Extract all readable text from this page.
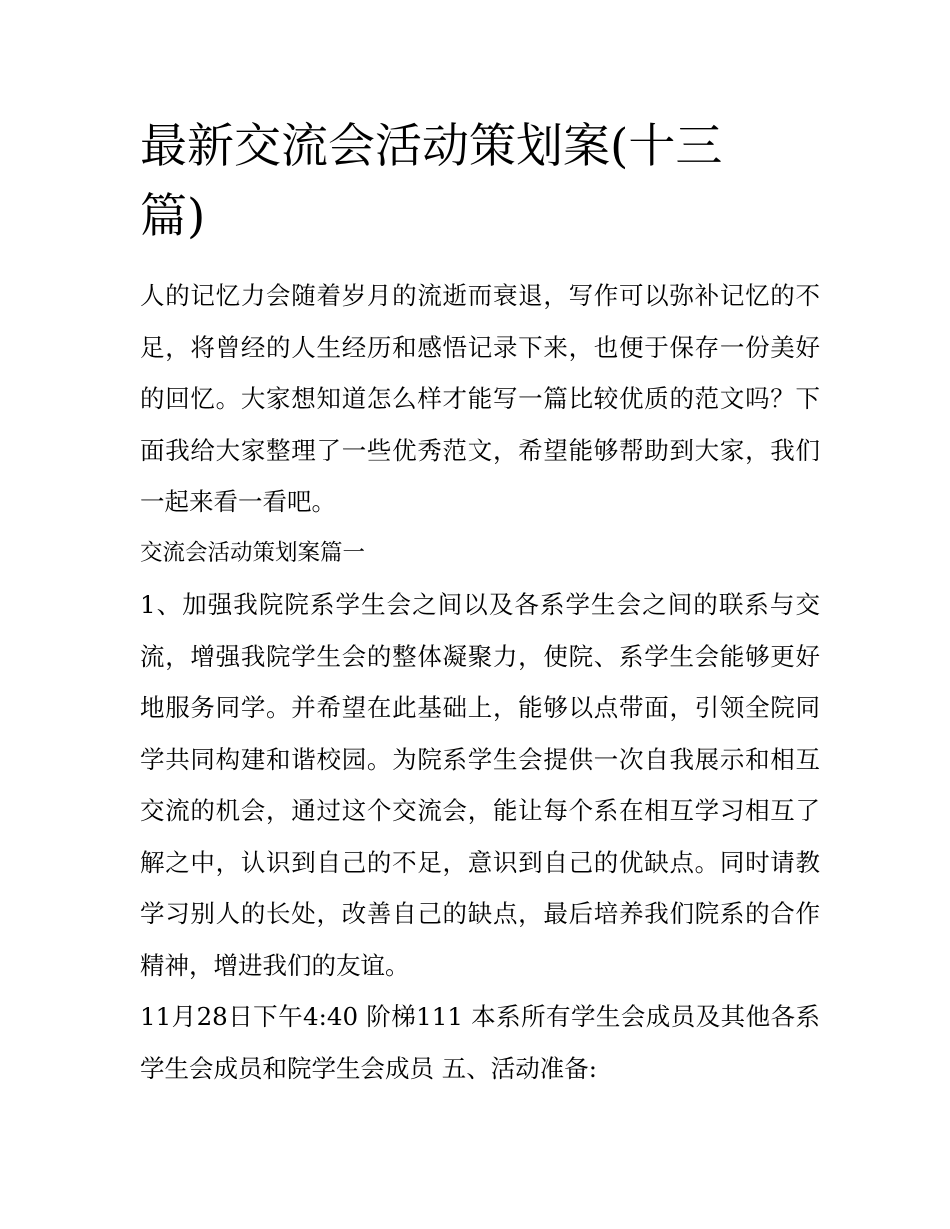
最新交流会活动策划案(十三篇)

人的记忆力会随着岁月的流逝而衰退，写作可以弥补记忆的不足，将曾经的人生经历和感悟记录下来，也便于保存一份美好的回忆。大家想知道怎么样才能写一篇比较优质的范文吗？下面我给大家整理了一些优秀范文，希望能够帮助到大家，我们一起来看一看吧。

交流会活动策划案篇一

1、加强我院院系学生会之间以及各系学生会之间的联系与交流，增强我院学生会的整体凝聚力，使院、系学生会能够更好地服务同学。并希望在此基础上，能够以点带面，引领全院同学共同构建和谐校园。为院系学生会提供一次自我展示和相互交流的机会，通过这个交流会，能让每个系在相互学习相互了解之中，认识到自己的不足，意识到自己的优缺点。同时请教学习别人的长处，改善自己的缺点，最后培养我们院系的合作精神，增进我们的友谊。

11月28日下午4:40 阶梯111 本系所有学生会成员及其他各系学生会成员和院学生会成员 五、活动准备:
